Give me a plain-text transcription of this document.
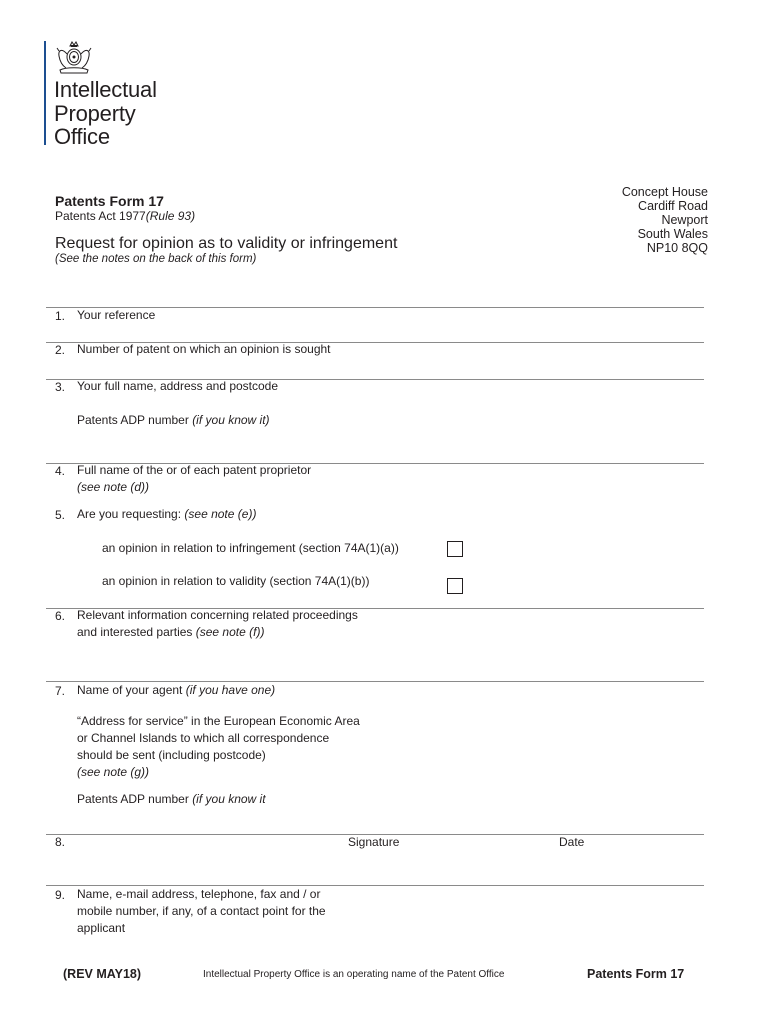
Intellectual
Property
Office
Patents Form 17
Patents Act 1977(Rule 93)
Request for opinion as to validity or infringement
(See the notes on the back of this form)
Concept House
Cardiff Road
Newport
South Wales
NP10 8QQ
1. Your reference
2. Number of patent on which an opinion is sought
3. Your full name, address and postcode
Patents ADP number (if you know it)
4. Full name of the or of each patent proprietor
(see note (d))
5. Are you requesting: (see note (e))
an opinion in relation to infringement (section 74A(1)(a))
an opinion in relation to validity (section 74A(1)(b))
6. Relevant information concerning related proceedings
and interested parties (see note (f))
7. Name of your agent (if you have one)
“Address for service” in the European Economic Area
or Channel Islands to which all correspondence
should be sent (including postcode)
(see note (g))
Patents ADP number (if you know it
8.	Signature	Date
9. Name, e-mail address, telephone, fax and / or
mobile number, if any, of a contact point for the
applicant
(REV MAY18)	Intellectual Property Office is an operating name of the Patent Office	Patents Form 17
